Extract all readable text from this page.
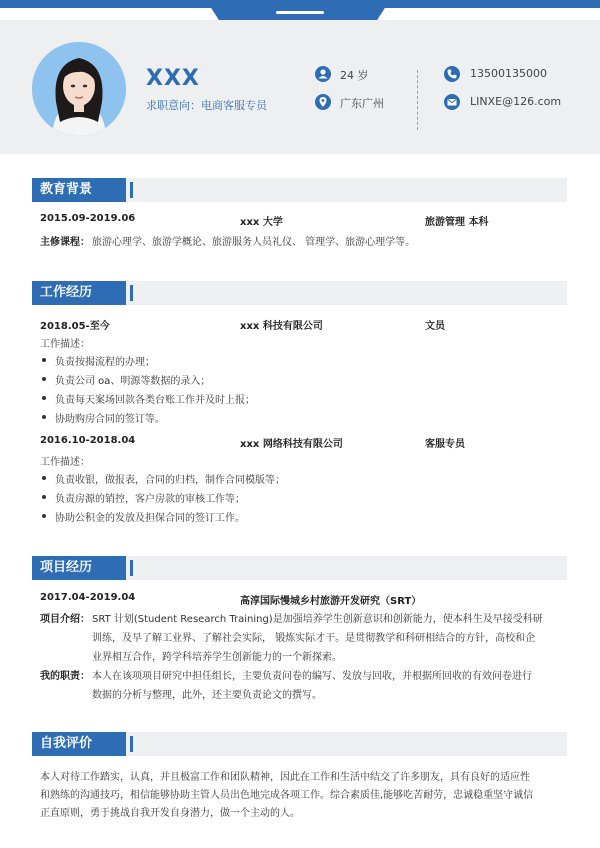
XXX
求职意向：电商客服专员
24 岁
广东广州
13500135000
LINXE@126.com
教育背景
2015.09-2019.06	xxx 大学	旅游管理 本科
主修课程： 旅游心理学、旅游学概论、旅游服务人员礼仪、 管理学、旅游心理学等。
工作经历
2018.05-至今	xxx 科技有限公司	文员
工作描述：
负责按揭流程的办理；
负责公司 oa、明源等数据的录入；
负责每天案场回款各类台账工作并及时上报；
协助购房合同的签订等。
2016.10-2018.04	xxx 网络科技有限公司	客服专员
工作描述：
负责收银，做报表，合同的归档，制作合同模版等；
负责房源的销控，客户房款的审核工作等；
协助公积金的发放及担保合同的签订工作。
项目经历
2017.04-2019.04	高淳国际慢城乡村旅游开发研究（SRT）
项目介绍： SRT 计划(Student Research Training)是加强培养学生创新意识和创新能力，使本科生及早接受科研
训练，及早了解工业界、了解社会实际， 锻炼实际才干。是贯彻教学和科研相结合的方针，高校和企
业界相互合作，跨学科培养学生创新能力的一个新探索。
我的职责： 本人在该项项目研究中担任组长，主要负责问卷的编写、发放与回收，并根据所回收的有效问卷进行
数据的分析与整理，此外，还主要负责论文的撰写。
自我评价
本人对待工作踏实，认真，并且极富工作和团队精神，因此在工作和生活中结交了许多朋友，具有良好的适应性
和熟练的沟通技巧，相信能够协助主管人员出色地完成各项工作。综合素质佳,能够吃苦耐劳，忠诚稳重坚守诚信
正直原则，勇于挑战自我开发自身潜力，做一个主动的人。
